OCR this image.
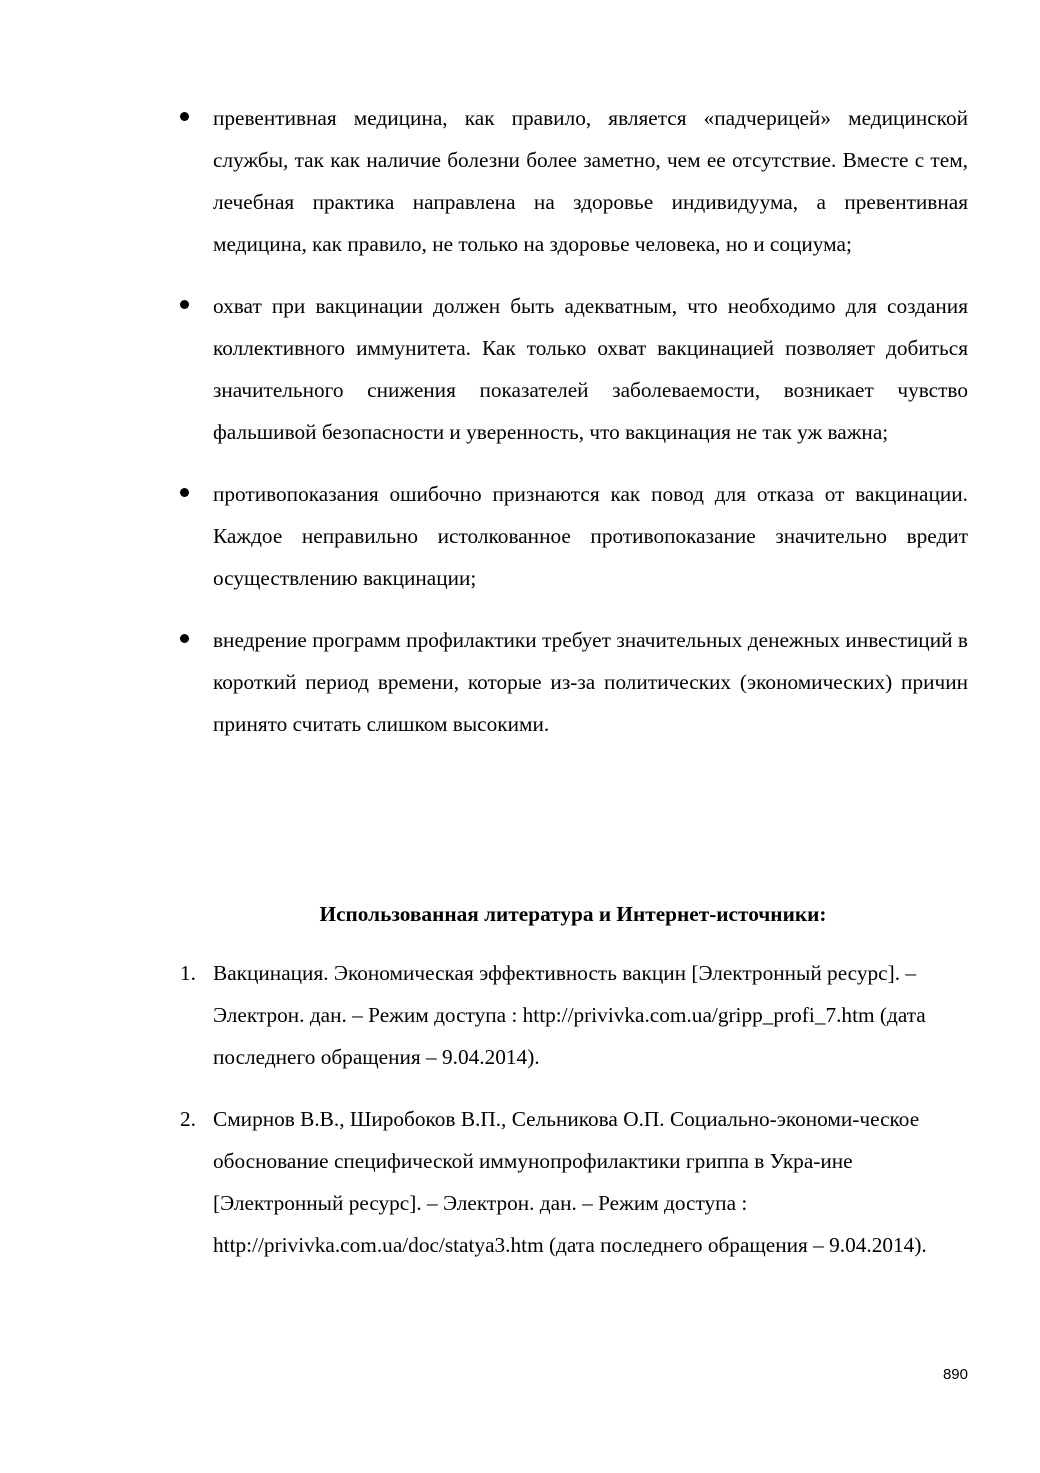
превентивная медицина, как правило, является «падчерицей» медицинской службы, так как наличие болезни более заметно, чем ее отсутствие. Вместе с тем, лечебная практика направлена на здоровье индивидуума, а превентивная медицина, как правило, не только на здоровье человека, но и социума;
охват при вакцинации должен быть адекватным, что необходимо для создания коллективного иммунитета. Как только охват вакцинацией позволяет добиться значительного снижения показателей заболеваемости, возникает чувство фальшивой безопасности и уверенность, что вакцинация не так уж важна;
противопоказания ошибочно признаются как повод для отказа от вакцинации. Каждое неправильно истолкованное противопоказание значительно вредит осуществлению вакцинации;
внедрение программ профилактики требует значительных денежных инвестиций в короткий период времени, которые из-за политических (экономических) причин принято считать слишком высокими.
Использованная литература и Интернет-источники:
1. Вакцинация. Экономическая эффективность вакцин [Электронный ресурс]. – Электрон. дан. – Режим доступа : http://privivka.com.ua/gripp_profi_7.htm (дата последнего обращения – 9.04.2014).
2. Смирнов В.В., Широбоков В.П., Сельникова О.П. Социально-экономи-ческое обоснование специфической иммунопрофилактики гриппа в Укра-ине [Электронный ресурс]. – Электрон. дан. – Режим доступа : http://privivka.com.ua/doc/statya3.htm (дата последнего обращения – 9.04.2014).
890
